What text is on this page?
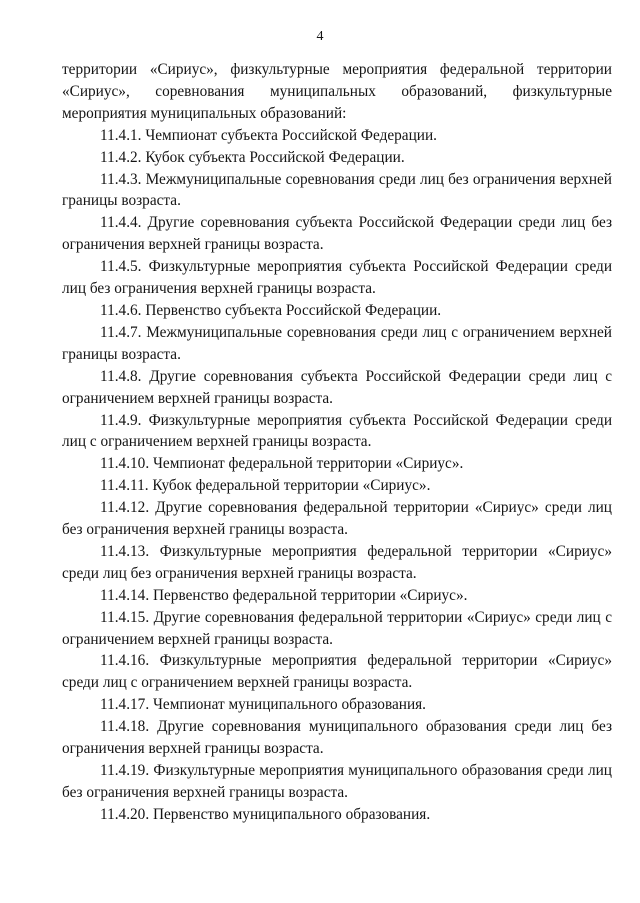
4

территории «Сириус», физкультурные мероприятия федеральной территории «Сириус», соревнования муниципальных образований, физкультурные мероприятия муниципальных образований:

11.4.1. Чемпионат субъекта Российской Федерации.

11.4.2. Кубок субъекта Российской Федерации.

11.4.3. Межмуниципальные соревнования среди лиц без ограничения верхней границы возраста.

11.4.4. Другие соревнования субъекта Российской Федерации среди лиц без ограничения верхней границы возраста.

11.4.5. Физкультурные мероприятия субъекта Российской Федерации среди лиц без ограничения верхней границы возраста.

11.4.6. Первенство субъекта Российской Федерации.

11.4.7. Межмуниципальные соревнования среди лиц с ограничением верхней границы возраста.

11.4.8. Другие соревнования субъекта Российской Федерации среди лиц с ограничением верхней границы возраста.

11.4.9. Физкультурные мероприятия субъекта Российской Федерации среди лиц с ограничением верхней границы возраста.

11.4.10. Чемпионат федеральной территории «Сириус».

11.4.11. Кубок федеральной территории «Сириус».

11.4.12. Другие соревнования федеральной территории «Сириус» среди лиц без ограничения верхней границы возраста.

11.4.13. Физкультурные мероприятия федеральной территории «Сириус» среди лиц без ограничения верхней границы возраста.

11.4.14. Первенство федеральной территории «Сириус».

11.4.15. Другие соревнования федеральной территории «Сириус» среди лиц с ограничением верхней границы возраста.

11.4.16. Физкультурные мероприятия федеральной территории «Сириус» среди лиц с ограничением верхней границы возраста.

11.4.17. Чемпионат муниципального образования.

11.4.18. Другие соревнования муниципального образования среди лиц без ограничения верхней границы возраста.

11.4.19. Физкультурные мероприятия муниципального образования среди лиц без ограничения верхней границы возраста.

11.4.20. Первенство муниципального образования.
